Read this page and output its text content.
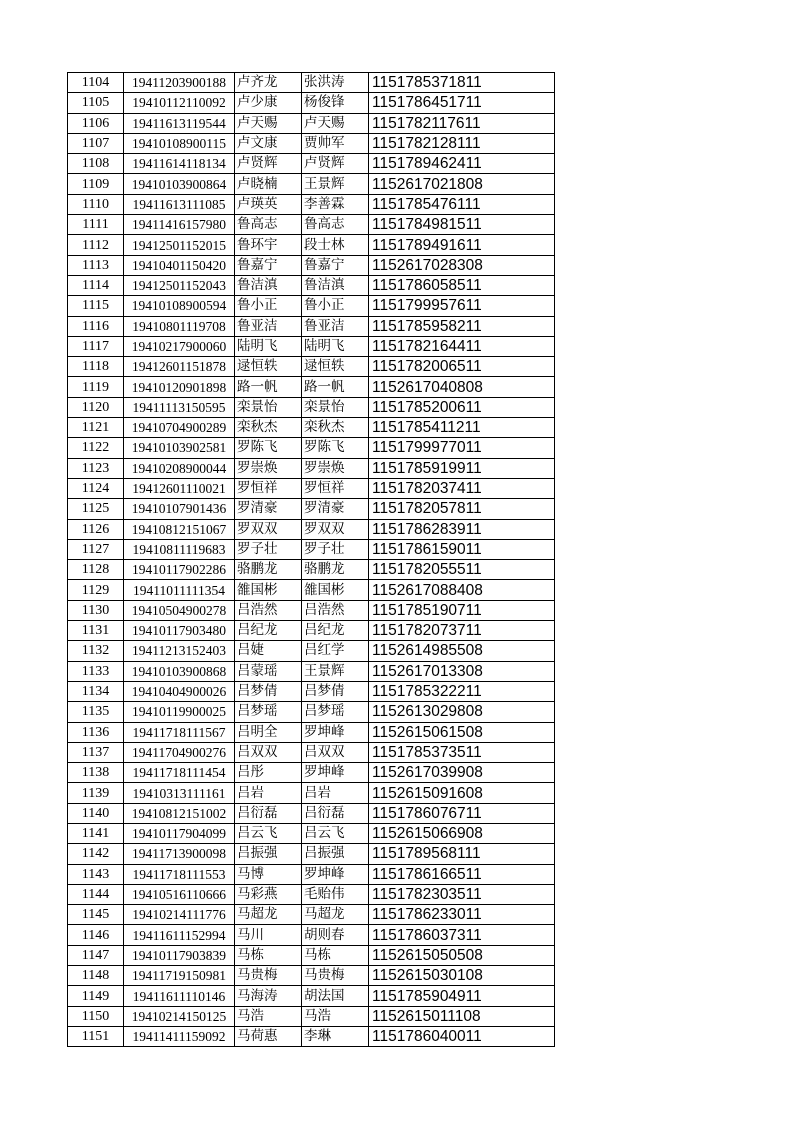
1104	19411203900188	卢齐龙	张洪涛	1151785371811
1105	19410112110092	卢少康	杨俊锋	1151786451711
1106	19411613119544	卢天赐	卢天赐	1151782117611
1107	19410108900115	卢文康	贾帅军	1151782128111
1108	19411614118134	卢贤辉	卢贤辉	1151789462411
1109	19410103900864	卢晓楠	王景辉	1152617021808
1110	19411613111085	卢瑛英	李善霖	1151785476111
1111	19411416157980	鲁高志	鲁高志	1151784981511
1112	19412501152015	鲁环宇	段士林	1151789491611
1113	19410401150420	鲁嘉宁	鲁嘉宁	1152617028308
1114	19412501152043	鲁洁滇	鲁洁滇	1151786058511
1115	19410108900594	鲁小正	鲁小正	1151799957611
1116	19410801119708	鲁亚洁	鲁亚洁	1151785958211
1117	19410217900060	陆明飞	陆明飞	1151782164411
1118	19412601151878	逯恒轶	逯恒轶	1151782006511
1119	19410120901898	路一帆	路一帆	1152617040808
1120	19411113150595	栾景怡	栾景怡	1151785200611
1121	19410704900289	栾秋杰	栾秋杰	1151785411211
1122	19410103902581	罗陈飞	罗陈飞	1151799977011
1123	19410208900044	罗崇焕	罗崇焕	1151785919911
1124	19412601110021	罗恒祥	罗恒祥	1151782037411
1125	19410107901436	罗清豪	罗清豪	1151782057811
1126	19410812151067	罗双双	罗双双	1151786283911
1127	19410811119683	罗子壮	罗子壮	1151786159011
1128	19410117902286	骆鹏龙	骆鹏龙	1151782055511
1129	19411011111354	雒国彬	雒国彬	1152617088408
1130	19410504900278	吕浩然	吕浩然	1151785190711
1131	19410117903480	吕纪龙	吕纪龙	1151782073711
1132	19411213152403	吕婕	吕红学	1152614985508
1133	19410103900868	吕蒙瑶	王景辉	1152617013308
1134	19410404900026	吕梦倩	吕梦倩	1151785322211
1135	19410119900025	吕梦瑶	吕梦瑶	1152613029808
1136	19411718111567	吕明全	罗坤峰	1152615061508
1137	19411704900276	吕双双	吕双双	1151785373511
1138	19411718111454	吕彤	罗坤峰	1152617039908
1139	19410313111161	吕岩	吕岩	1152615091608
1140	19410812151002	吕衍磊	吕衍磊	1151786076711
1141	19410117904099	吕云飞	吕云飞	1152615066908
1142	19411713900098	吕振强	吕振强	1151789568111
1143	19411718111553	马博	罗坤峰	1151786166511
1144	19410516110666	马彩燕	毛贻伟	1151782303511
1145	19410214111776	马超龙	马超龙	1151786233011
1146	19411611152994	马川	胡则春	1151786037311
1147	19410117903839	马栋	马栋	1152615050508
1148	19411719150981	马贵梅	马贵梅	1152615030108
1149	19411611110146	马海涛	胡法国	1151785904911
1150	19410214150125	马浩	马浩	1152615011108
1151	19411411159092	马荷惠	李琳	1151786040011
